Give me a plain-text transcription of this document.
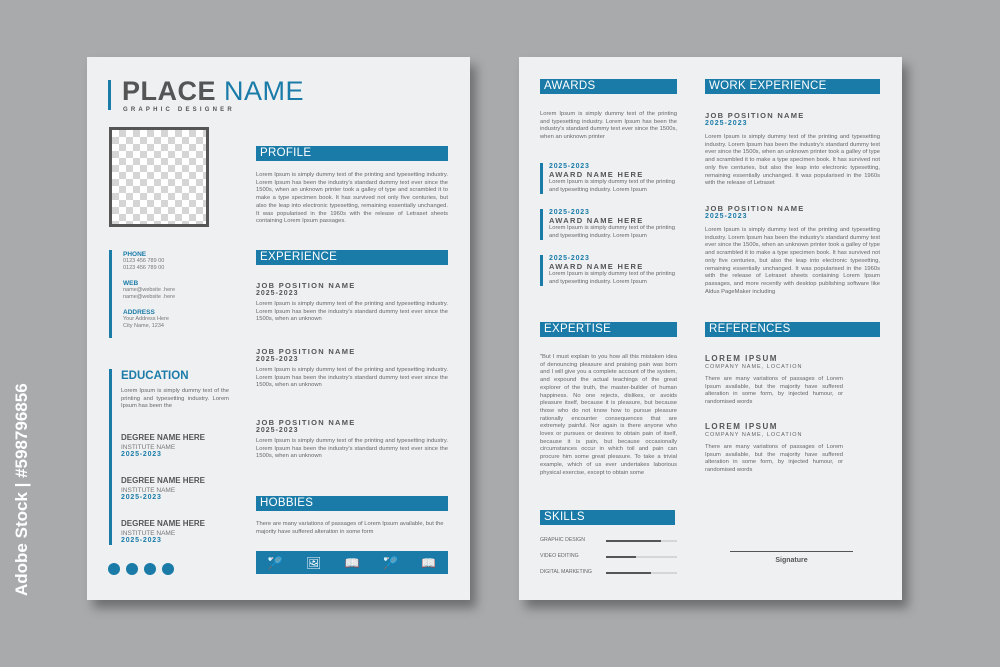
Adobe Stock | #598796856
PLACE NAME
GRAPHIC DESIGNER
PHONE
0123 456 789 00
0123 456 789 00
WEB
name@website .here
name@website .here
ADDRESS
Your Address Here
City Name, 1234
EDUCATION
Lorem Ipsum is simply dummy text of the printing and typesetting industry. Lorem Ipsum has been the
DEGREE NAME HERE
INSTITUTE NAME
2025-2023
DEGREE NAME HERE
INSTITUTE NAME
2025-2023
DEGREE NAME HERE
INSTITUTE NAME
2025-2023
PROFILE
Lorem Ipsum is simply dummy text of the printing and typesetting industry. Lorem Ipsum has been the industry's standard dummy text ever since the 1500s, when an unknown printer took a galley of type and scrambled it to make a type specimen book. It has survived not only five centuries, but also the leap into electronic typesetting, remaining essentially unchanged. It was popularised in the 1960s with the release of Letraset sheets containing Lorem Ipsum passages.
EXPERIENCE
JOB POSITION NAME
2025-2023
Lorem Ipsum is simply dummy text of the printing and typesetting industry. Lorem Ipsum has been the industry's standard dummy text ever since the 1500s, when an unknown
JOB POSITION NAME
2025-2023
Lorem Ipsum is simply dummy text of the printing and typesetting industry. Lorem Ipsum has been the industry's standard dummy text ever since the 1500s, when an unknown
JOB POSITION NAME
2025-2023
Lorem Ipsum is simply dummy text of the printing and typesetting industry. Lorem Ipsum has been the industry's standard dummy text ever since the 1500s, when an unknown
HOBBIES
There are many variations of passages of Lorem Ipsum available, but the majority have suffered alteration in some form
🏸 🖼 📖 🏸 📖
AWARDS
Lorem Ipsum is simply dummy text of the printing and typesetting industry. Lorem Ipsum has been the industry's standard dummy text ever since the 1500s, when an unknown printer
2025-2023
AWARD NAME HERE
Lorem Ipsum is simply dummy text of the printing and typesetting industry. Lorem Ipsum
2025-2023
AWARD NAME HERE
Lorem Ipsum is simply dummy text of the printing and typesetting industry. Lorem Ipsum
2025-2023
AWARD NAME HERE
Lorem Ipsum is simply dummy text of the printing and typesetting industry. Lorem Ipsum
WORK EXPERIENCE
JOB POSITION NAME
2025-2023
Lorem Ipsum is simply dummy text of the printing and typesetting industry. Lorem Ipsum has been the industry's standard dummy text ever since the 1500s, when an unknown printer took a galley of type and scrambled it to make a type specimen book. It has survived not only five centuries, but also the leap into electronic typesetting, remaining essentially unchanged. It was popularised in the 1960s with the release of Letraset
JOB POSITION NAME
2025-2023
Lorem Ipsum is simply dummy text of the printing and typesetting industry. Lorem Ipsum has been the industry's standard dummy text ever since the 1500s, when an unknown printer took a galley of type and scrambled it to make a type specimen book. It has survived not only five centuries, but also the leap into electronic typesetting, remaining essentially unchanged. It was popularised in the 1960s with the release of Letraset sheets containing Lorem Ipsum passages, and more recently with desktop publishing software like Aldus PageMaker including
EXPERTISE
"But I must explain to you how all this mistaken idea of denouncing pleasure and praising pain was born and I will give you a complete account of the system, and expound the actual teachings of the great explorer of the truth, the master-builder of human happiness. No one rejects, dislikes, or avoids pleasure itself, because it is pleasure, but because those who do not know how to pursue pleasure rationally encounter consequences that are extremely painful. Nor again is there anyone who loves or pursues or desires to obtain pain of itself, because it is pain, but because occasionally circumstances occur in which toil and pain can procure him some great pleasure. To take a trivial example, which of us ever undertakes laborious physical exercise, except to obtain some
REFERENCES
LOREM IPSUM
COMPANY NAME, LOCATION
There are many variations of passages of Lorem Ipsum available, but the majority have suffered alteration in some form, by injected humour, or randomised words
LOREM IPSUM
COMPANY NAME, LOCATION
There are many variations of passages of Lorem Ipsum available, but the majority have suffered alteration in some form, by injected humour, or randomised words
SKILLS
GRAPHIC DESIGN
VIDEO EDITING
DIGITAL MARKETING
Signature
